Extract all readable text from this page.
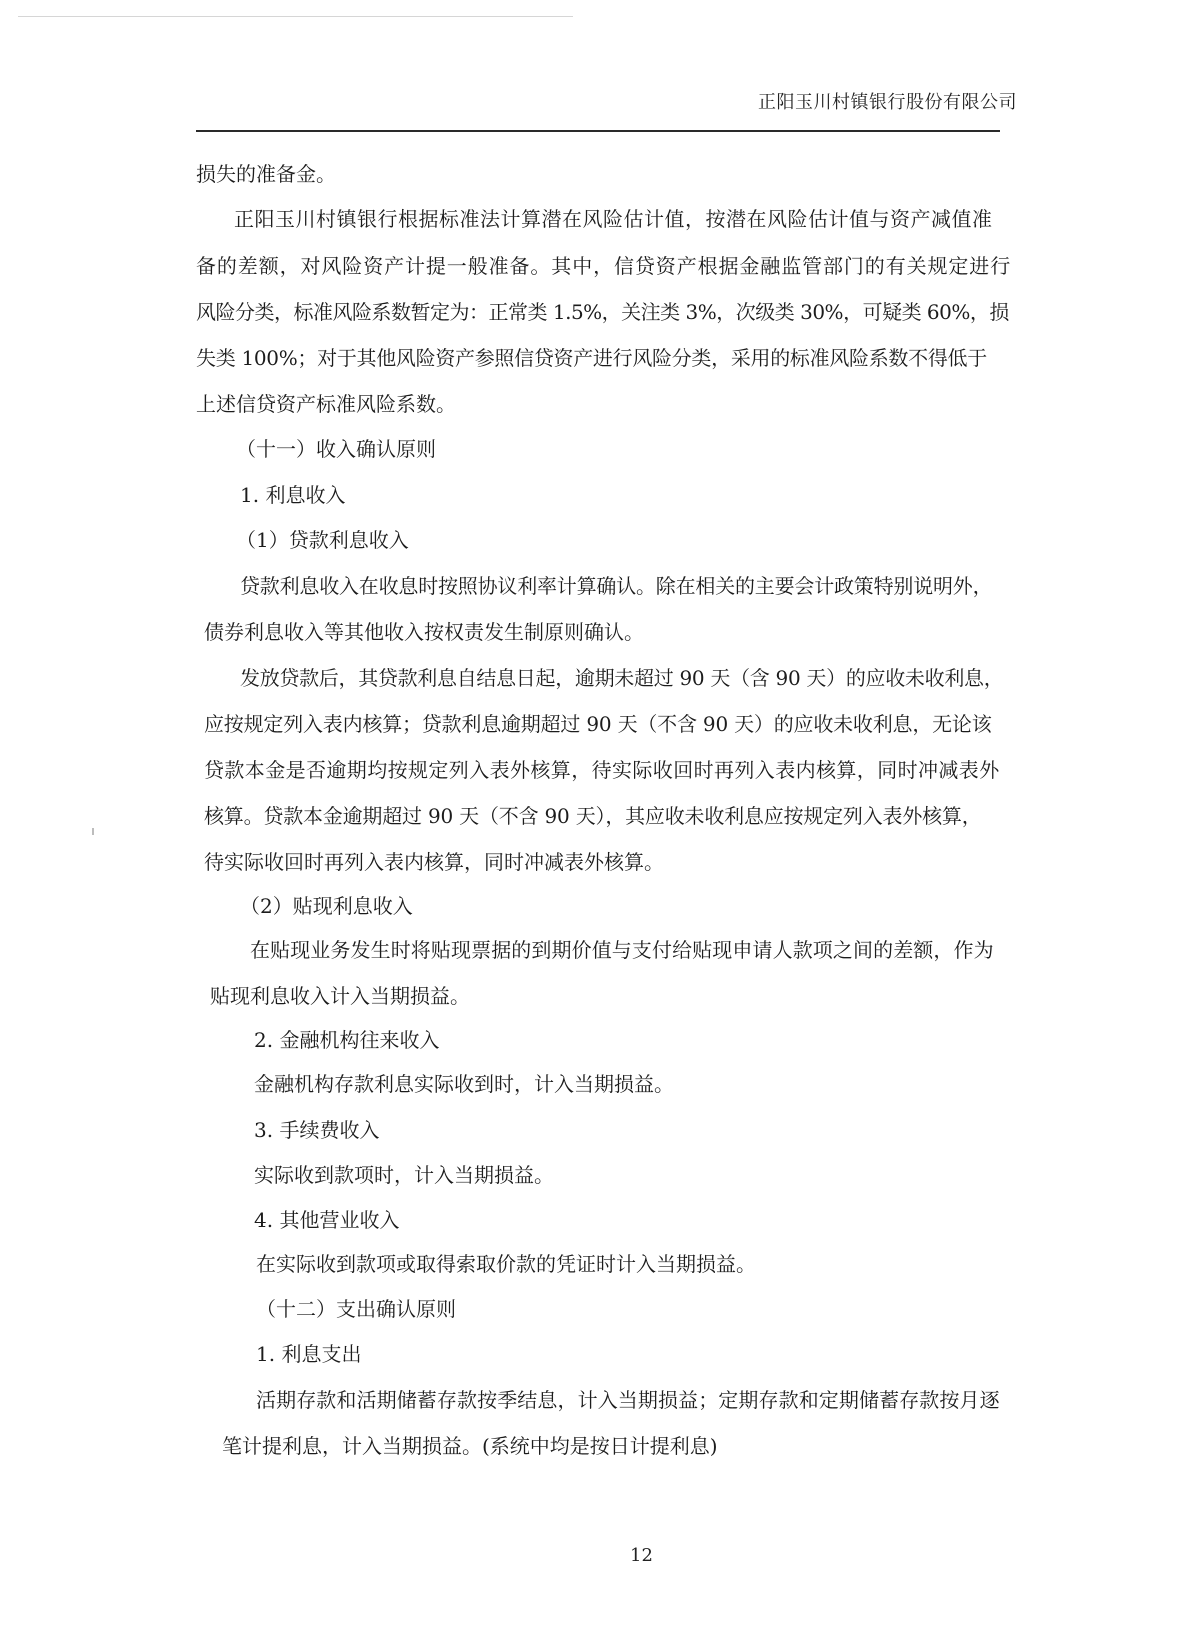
正阳玉川村镇银行股份有限公司
损失的准备金。
正阳玉川村镇银行根据标准法计算潜在风险估计值，按潜在风险估计值与资产减值准
备的差额，对风险资产计提一般准备。其中，信贷资产根据金融监管部门的有关规定进行
风险分类，标准风险系数暂定为：正常类 1.5%，关注类 3%，次级类 30%，可疑类 60%，损
失类 100%；对于其他风险资产参照信贷资产进行风险分类，采用的标准风险系数不得低于
上述信贷资产标准风险系数。
（十一）收入确认原则
1. 利息收入
（1）贷款利息收入
贷款利息收入在收息时按照协议利率计算确认。除在相关的主要会计政策特别说明外，
债券利息收入等其他收入按权责发生制原则确认。
发放贷款后，其贷款利息自结息日起，逾期未超过 90 天（含 90 天）的应收未收利息，
应按规定列入表内核算；贷款利息逾期超过 90 天（不含 90 天）的应收未收利息，无论该
贷款本金是否逾期均按规定列入表外核算，待实际收回时再列入表内核算，同时冲减表外
核算。贷款本金逾期超过 90 天（不含 90 天），其应收未收利息应按规定列入表外核算，
待实际收回时再列入表内核算，同时冲减表外核算。
（2）贴现利息收入
在贴现业务发生时将贴现票据的到期价值与支付给贴现申请人款项之间的差额，作为
贴现利息收入计入当期损益。
2. 金融机构往来收入
金融机构存款利息实际收到时，计入当期损益。
3. 手续费收入
实际收到款项时，计入当期损益。
4. 其他营业收入
在实际收到款项或取得索取价款的凭证时计入当期损益。
（十二）支出确认原则
1. 利息支出
活期存款和活期储蓄存款按季结息，计入当期损益；定期存款和定期储蓄存款按月逐
笔计提利息，计入当期损益。(系统中均是按日计提利息)
12
